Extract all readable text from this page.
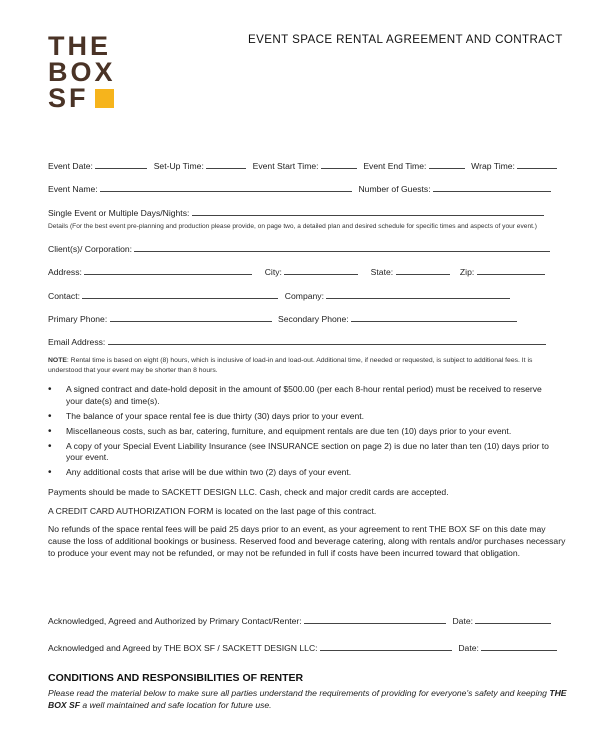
THE
BOX
SF
EVENT SPACE RENTAL AGREEMENT AND CONTRACT
Event Date:	Set-Up Time:	Event Start Time:	Event End Time:	Wrap Time:
Event Name:	Number of Guests:
Single Event or Multiple Days/Nights:
Details (For the best event pre-planning and production please provide, on page two, a detailed plan and desired schedule for specific times and aspects of your event.)
Client(s)/ Corporation:
Address:	City:	State:	Zip:
Contact:	Company:
Primary Phone:	Secondary Phone:
Email Address:
NOTE: Rental time is based on eight (8) hours, which is inclusive of load-in and load-out. Additional time, if needed or requested, is subject to additional fees. It is understood that your event may be shorter than 8 hours.
• A signed contract and date-hold deposit in the amount of $500.00 (per each 8-hour rental period) must be received to reserve your date(s) and time(s).
• The balance of your space rental fee is due thirty (30) days prior to your event.
• Miscellaneous costs, such as bar, catering, furniture, and equipment rentals are due ten (10) days prior to your event.
• A copy of your Special Event Liability Insurance (see INSURANCE section on page 2) is due no later than ten (10) days prior to your event.
• Any additional costs that arise will be due within two (2) days of your event.
Payments should be made to SACKETT DESIGN LLC. Cash, check and major credit cards are accepted.
A CREDIT CARD AUTHORIZATION FORM is located on the last page of this contract.
No refunds of the space rental fees will be paid 25 days prior to an event, as your agreement to rent THE BOX SF on this date may cause the loss of additional bookings or business. Reserved food and beverage catering, along with rentals and/or purchases necessary to produce your event may not be refunded, or may not be refunded in full if costs have been incurred toward that obligation.
Acknowledged, Agreed and Authorized by Primary Contact/Renter:	Date:
Acknowledged and Agreed by THE BOX SF / SACKETT DESIGN LLC:	Date:
CONDITIONS AND RESPONSIBILITIES OF RENTER
Please read the material below to make sure all parties understand the requirements of providing for everyone's safety and keeping THE BOX SF a well maintained and safe location for future use.
